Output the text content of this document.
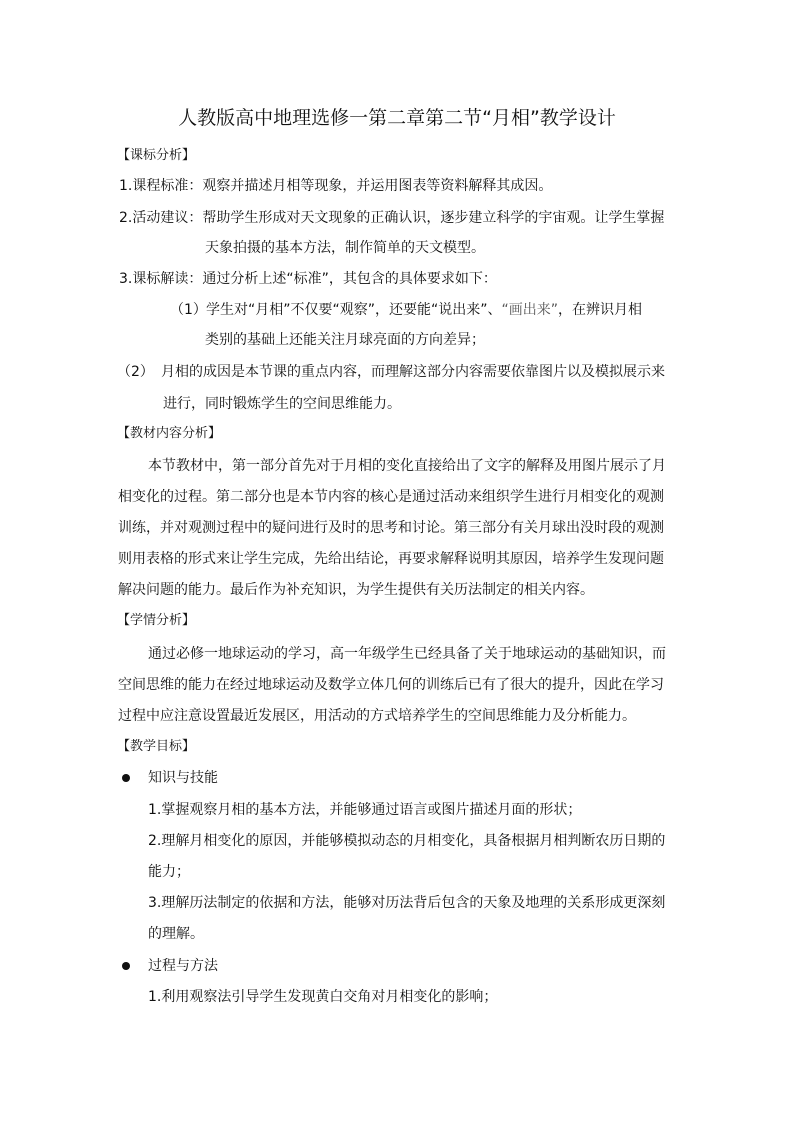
人教版高中地理选修一第二章第二节“月相”教学设计
【课标分析】
1.课程标准：观察并描述月相等现象，并运用图表等资料解释其成因。
2.活动建议：帮助学生形成对天文现象的正确认识，逐步建立科学的宇宙观。让学生掌握
天象拍摄的基本方法，制作简单的天文模型。
3.课标解读：通过分析上述“标准”，其包含的具体要求如下：
（1） 学生对“月相”不仅要“观察”，还要能“说出来”、“画出来”，在辨识月相
类别的基础上还能关注月球亮面的方向差异；
（2） 月相的成因是本节课的重点内容，而理解这部分内容需要依靠图片以及模拟展示来
进行，同时锻炼学生的空间思维能力。
【教材内容分析】
本节教材中，第一部分首先对于月相的变化直接给出了文字的解释及用图片展示了月
相变化的过程。第二部分也是本节内容的核心是通过活动来组织学生进行月相变化的观测
训练，并对观测过程中的疑问进行及时的思考和讨论。第三部分有关月球出没时段的观测
则用表格的形式来让学生完成，先给出结论，再要求解释说明其原因，培养学生发现问题
解决问题的能力。最后作为补充知识，为学生提供有关历法制定的相关内容。
【学情分析】
通过必修一地球运动的学习，高一年级学生已经具备了关于地球运动的基础知识，而
空间思维的能力在经过地球运动及数学立体几何的训练后已有了很大的提升，因此在学习
过程中应注意设置最近发展区，用活动的方式培养学生的空间思维能力及分析能力。
【教学目标】
知识与技能
1.掌握观察月相的基本方法，并能够通过语言或图片描述月面的形状；
2.理解月相变化的原因，并能够模拟动态的月相变化，具备根据月相判断农历日期的
能力；
3.理解历法制定的依据和方法，能够对历法背后包含的天象及地理的关系形成更深刻
的理解。
过程与方法
1.利用观察法引导学生发现黄白交角对月相变化的影响；
